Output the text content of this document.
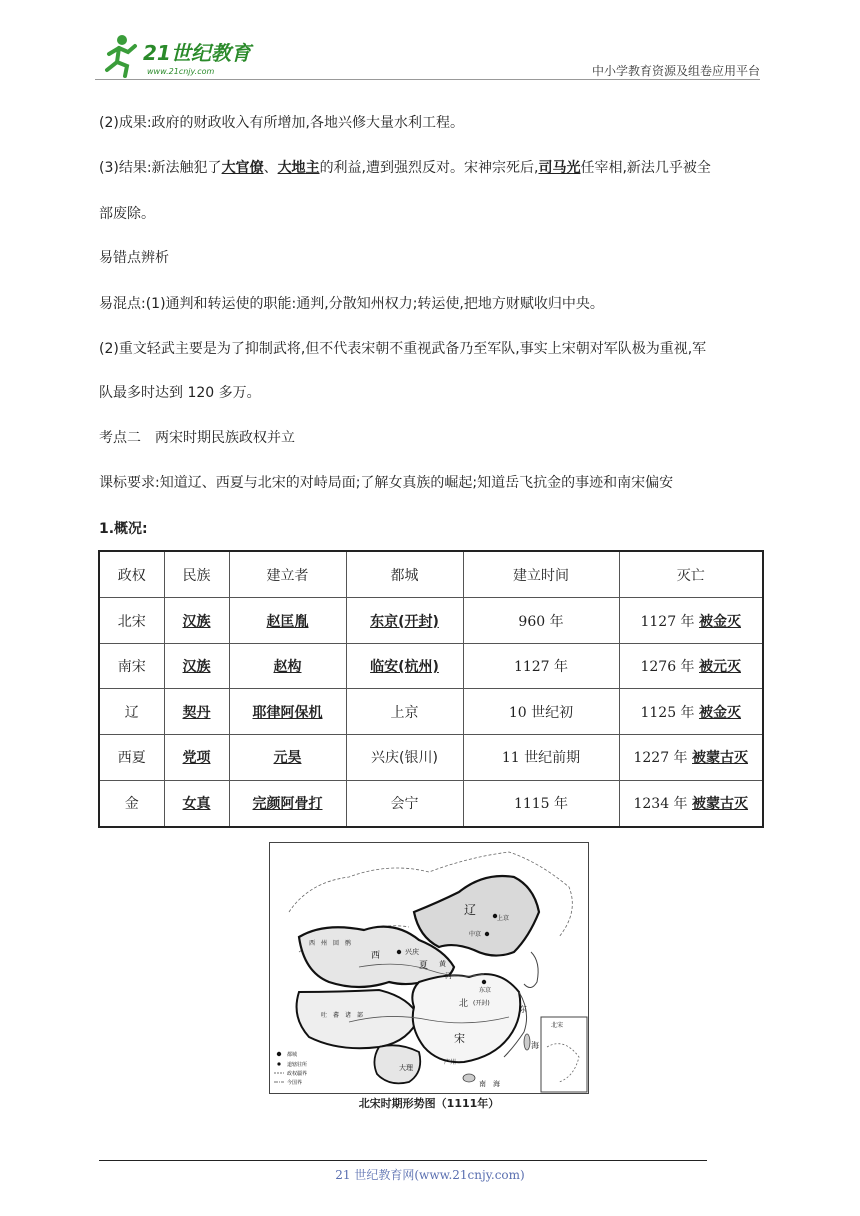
21世纪教育
www.21cnjy.com	中小学教育资源及组卷应用平台
(2)成果:政府的财政收入有所增加,各地兴修大量水利工程。
(3)结果:新法触犯了大官僚、大地主的利益,遭到强烈反对。宋神宗死后,司马光任宰相,新法几乎被全
部废除。
易错点辨析
易混点:(1)通判和转运使的职能:通判,分散知州权力;转运使,把地方财赋收归中央。
(2)重文轻武主要是为了抑制武将,但不代表宋朝不重视武备乃至军队,事实上宋朝对军队极为重视,军
队最多时达到 120 多万。
考点二　两宋时期民族政权并立
课标要求:知道辽、西夏与北宋的对峙局面;了解女真族的崛起;知道岳飞抗金的事迹和南宋偏安
1.概况:
政权	民族	建立者	都城	建立时间	灭亡
北宋	汉族	赵匡胤	东京(开封)	960 年	1127 年 被金灭
南宋	汉族	赵构	临安(杭州)	1127 年	1276 年 被元灭
辽	契丹	耶律阿保机	上京	10 世纪初	1125 年 被金灭
西夏	党项	元昊	兴庆(银川)	11 世纪前期	1227 年 被蒙古灭
金	女真	完颜阿骨打	会宁	1115 年	1234 年 被蒙古灭
辽
上京
中京
西　州　回　鹘
西	兴庆
夏 黄
河
东京
北 (开封)
吐　蕃　诸　部
宋
东
海
大理
广州
南　海
北宋
都城
道辖驻所
政权疆界
今国界
北宋时期形势图（1111年）
21 世纪教育网(www.21cnjy.com)
